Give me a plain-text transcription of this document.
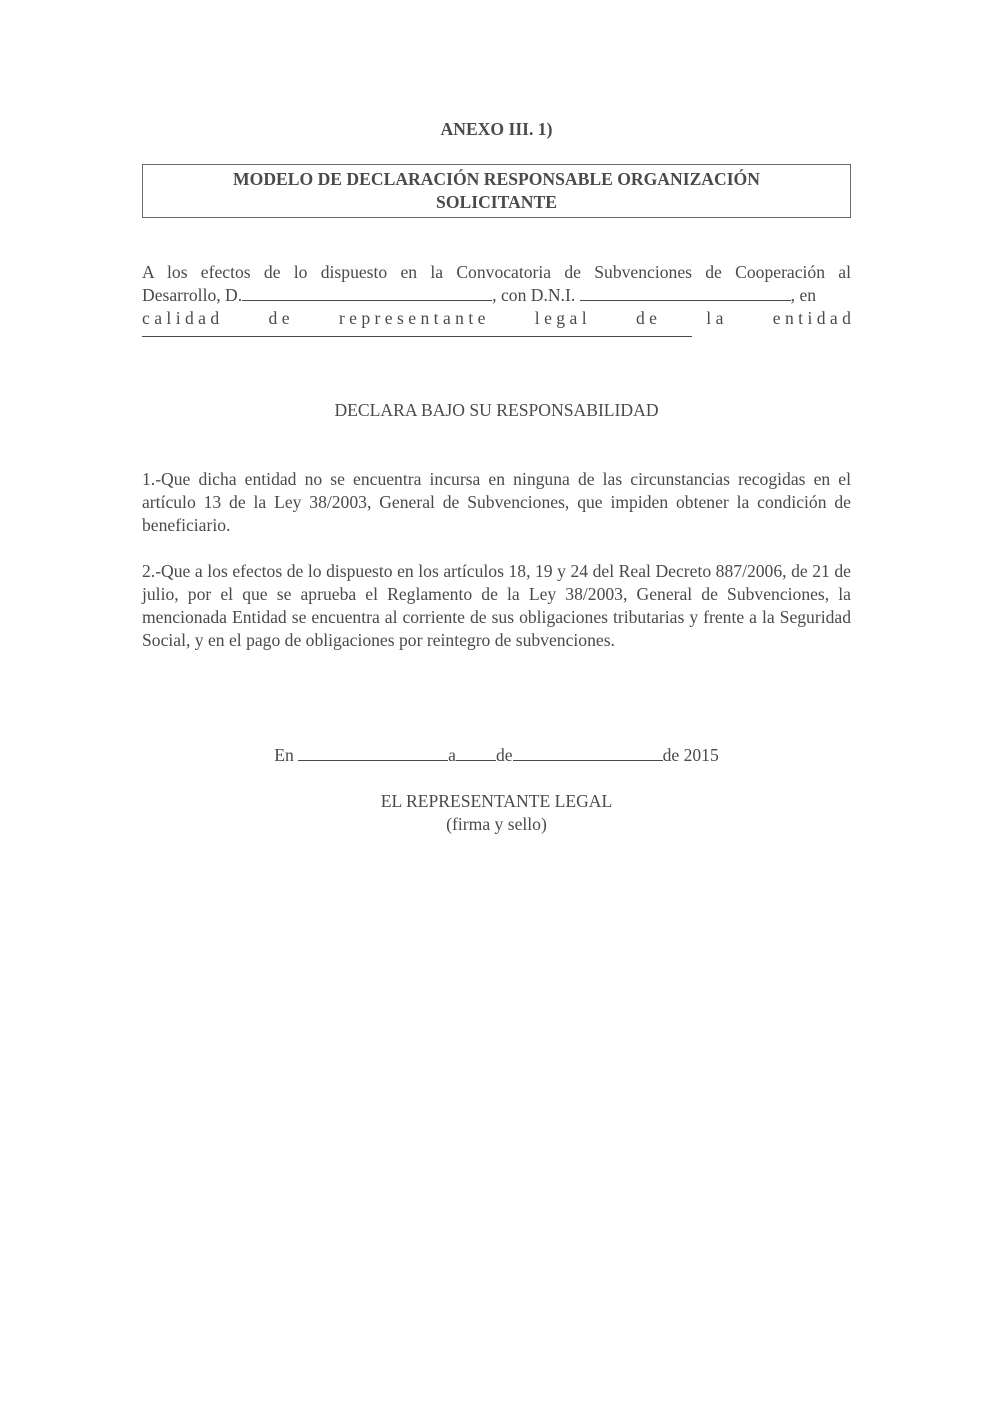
ANEXO III. 1)
MODELO DE DECLARACIÓN RESPONSABLE ORGANIZACIÓN
SOLICITANTE
A los efectos de lo dispuesto en la Convocatoria de Subvenciones de Cooperación al
Desarrollo, D.	, con D.N.I.	, en
c a l i d a d	d e	r e p r e s e n t a n t e	l e g a l	d e	l a	e n t i d a d
DECLARA BAJO SU RESPONSABILIDAD
1.-Que dicha entidad no se encuentra incursa en ninguna de las circunstancias recogidas en el artículo 13 de la Ley 38/2003, General de Subvenciones, que impiden obtener la condición de beneficiario.
2.-Que a los efectos de lo dispuesto en los artículos 18, 19 y 24 del Real Decreto 887/2006, de 21 de julio, por el que se aprueba el Reglamento de la Ley 38/2003, General de Subvenciones, la mencionada Entidad se encuentra al corriente de sus obligaciones tributarias y frente a la Seguridad Social, y en el pago de obligaciones por reintegro de subvenciones.
En	a de	de 2015
EL REPRESENTANTE LEGAL
(firma y sello)
